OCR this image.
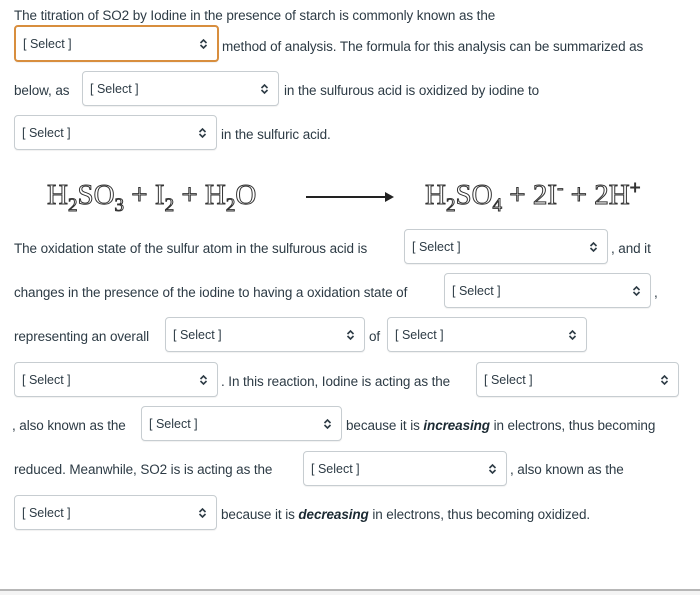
The titration of SO2 by Iodine in the presence of starch is commonly known as the
[ Select ]	method of analysis. The formula for this analysis can be summarized as
below, as [ Select ]	in the sulfurous acid is oxidized by iodine to
[ Select ]	in the sulfuric acid.
$H_2SO_3 + I_2 + H_2O$	$H_2SO_4 + 2I^- + 2H^+$
The oxidation state of the sulfur atom in the sulfurous acid is	[ Select ]	, and it
changes in the presence of the iodine to having a oxidation state of	[ Select ]	,
representing an overall [ Select ]	of [ Select ]
[ Select ]	. In this reaction, Iodine is acting as the	[ Select ]
, also known as the [ Select ]	because it is increasing in electrons, thus becoming
reduced. Meanwhile, SO2 is is acting as the	[ Select ]	, also known as the
[ Select ]	because it is decreasing in electrons, thus becoming oxidized.
